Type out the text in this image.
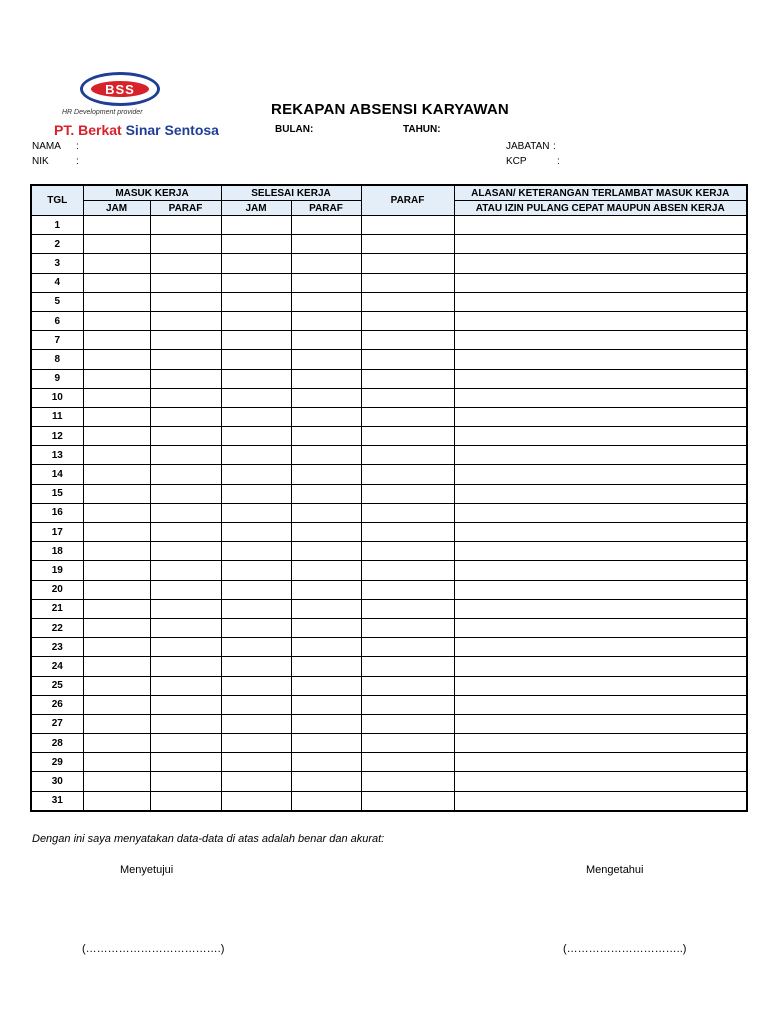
BSS
HR Development provider
PT. Berkat Sinar Sentosa
REKAPAN ABSENSI KARYAWAN
BULAN:	TAHUN:
NAMA :
NIK	:
JABATAN :
KCP	:
TGL	MASUK KERJA		SELESAI KERJA		PARAF	ALASAN/ KETERANGAN TERLAMBAT MASUK KERJA
	JAM	PARAF	JAM	PARAF		ATAU IZIN PULANG CEPAT MAUPUN ABSEN KERJA
1						
2						
3						
4						
5						
6						
7						
8						
9						
10						
11						
12						
13						
14						
15						
16						
17						
18						
19						
20						
21						
22						
23						
24						
25						
26						
27						
28						
29						
30						
31						
Dengan ini saya menyatakan data-data di atas adalah benar dan akurat:
Menyetujui	Mengetahui
(……………………………….)	(…………………………..)
